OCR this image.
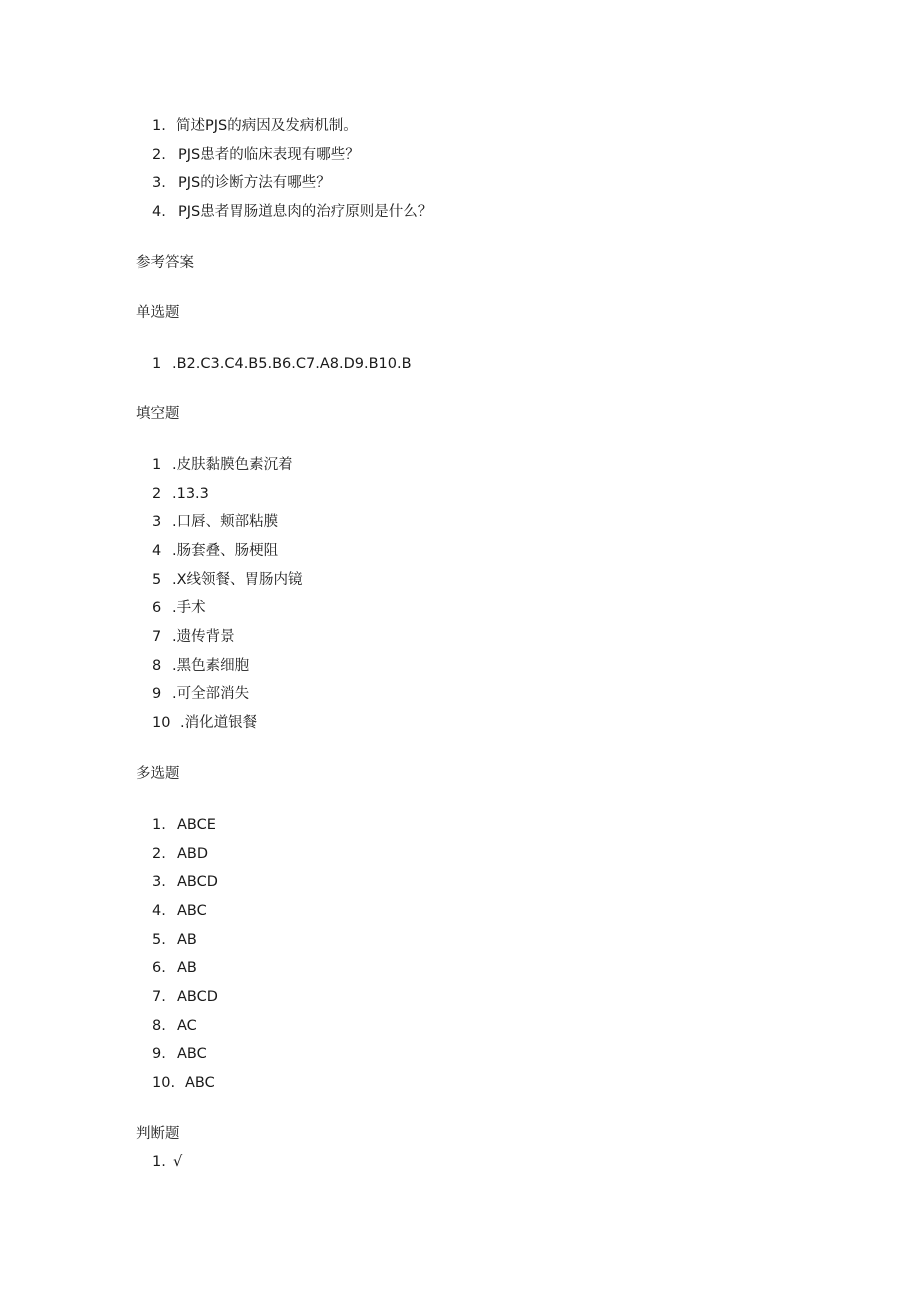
1. 简述PJS的病因及发病机制。
2. PJS患者的临床表现有哪些？
3. PJS的诊断方法有哪些？
4. PJS患者胃肠道息肉的治疗原则是什么？
参考答案
单选题
1 .B2.C3.C4.B5.B6.C7.A8.D9.B10.B
填空题
1 .皮肤黏膜色素沉着
2 .13.3
3 .口唇、颊部粘膜
4 .肠套叠、肠梗阻
5 .X线领餐、胃肠内镜
6 .手术
7 .遗传背景
8 .黑色素细胞
9 .可全部消失
10 .消化道银餐
多选题
1. ABCE
2. ABD
3. ABCD
4. ABC
5. AB
6. AB
7. ABCD
8. AC
9. ABC
10. ABC
判断题
1. √
